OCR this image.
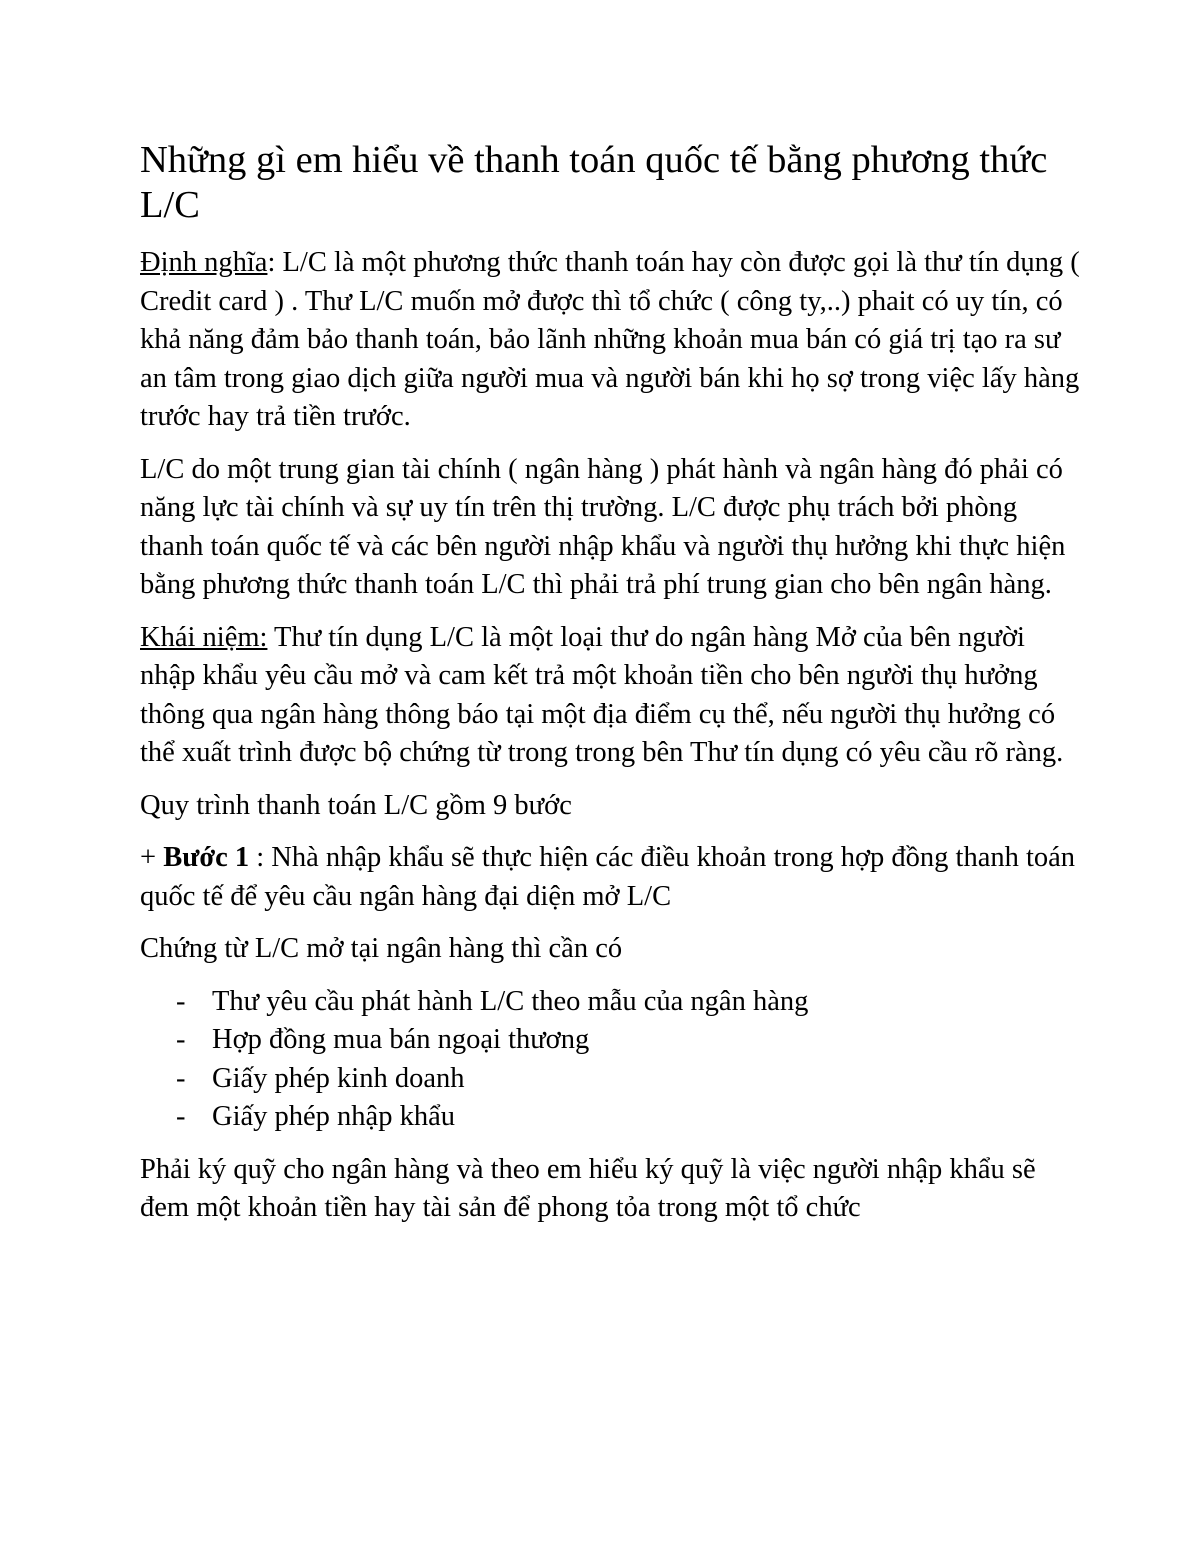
Những gì em hiểu về thanh toán quốc tế bằng phương thức L/C

Định nghĩa: L/C là một phương thức thanh toán hay còn được gọi là thư tín dụng ( Credit card ) . Thư L/C muốn mở được thì tổ chức ( công ty,..) phait có uy tín, có khả năng đảm bảo thanh toán, bảo lãnh những khoản mua bán có giá trị tạo ra sư an tâm trong giao dịch giữa người mua và người bán khi họ sợ trong việc lấy hàng trước hay trả tiền trước.

L/C do một trung gian tài chính ( ngân hàng ) phát hành và ngân hàng đó phải có năng lực tài chính và sự uy tín trên thị trường. L/C được phụ trách bởi phòng thanh toán quốc tế và các bên người nhập khẩu và người thụ hưởng khi thực hiện bằng phương thức thanh toán L/C thì phải trả phí trung gian cho bên ngân hàng.

Khái niệm: Thư tín dụng L/C là một loại thư do ngân hàng Mở của bên người nhập khẩu yêu cầu mở và cam kết trả một khoản tiền cho bên người thụ hưởng thông qua ngân hàng thông báo tại một địa điểm cụ thể, nếu người thụ hưởng có thể xuất trình được bộ chứng từ trong trong bên Thư tín dụng có yêu cầu rõ ràng.

Quy trình thanh toán L/C gồm 9 bước

+ Bước 1 : Nhà nhập khẩu sẽ thực hiện các điều khoản trong hợp đồng thanh toán quốc tế để yêu cầu ngân hàng đại diện mở L/C

Chứng từ L/C mở tại ngân hàng thì cần có

- Thư yêu cầu phát hành L/C theo mẫu của ngân hàng
- Hợp đồng mua bán ngoại thương
- Giấy phép kinh doanh
- Giấy phép nhập khẩu

Phải ký quỹ cho ngân hàng và theo em hiểu ký quỹ là việc người nhập khẩu sẽ đem một khoản tiền hay tài sản để phong tỏa trong một tổ chức
